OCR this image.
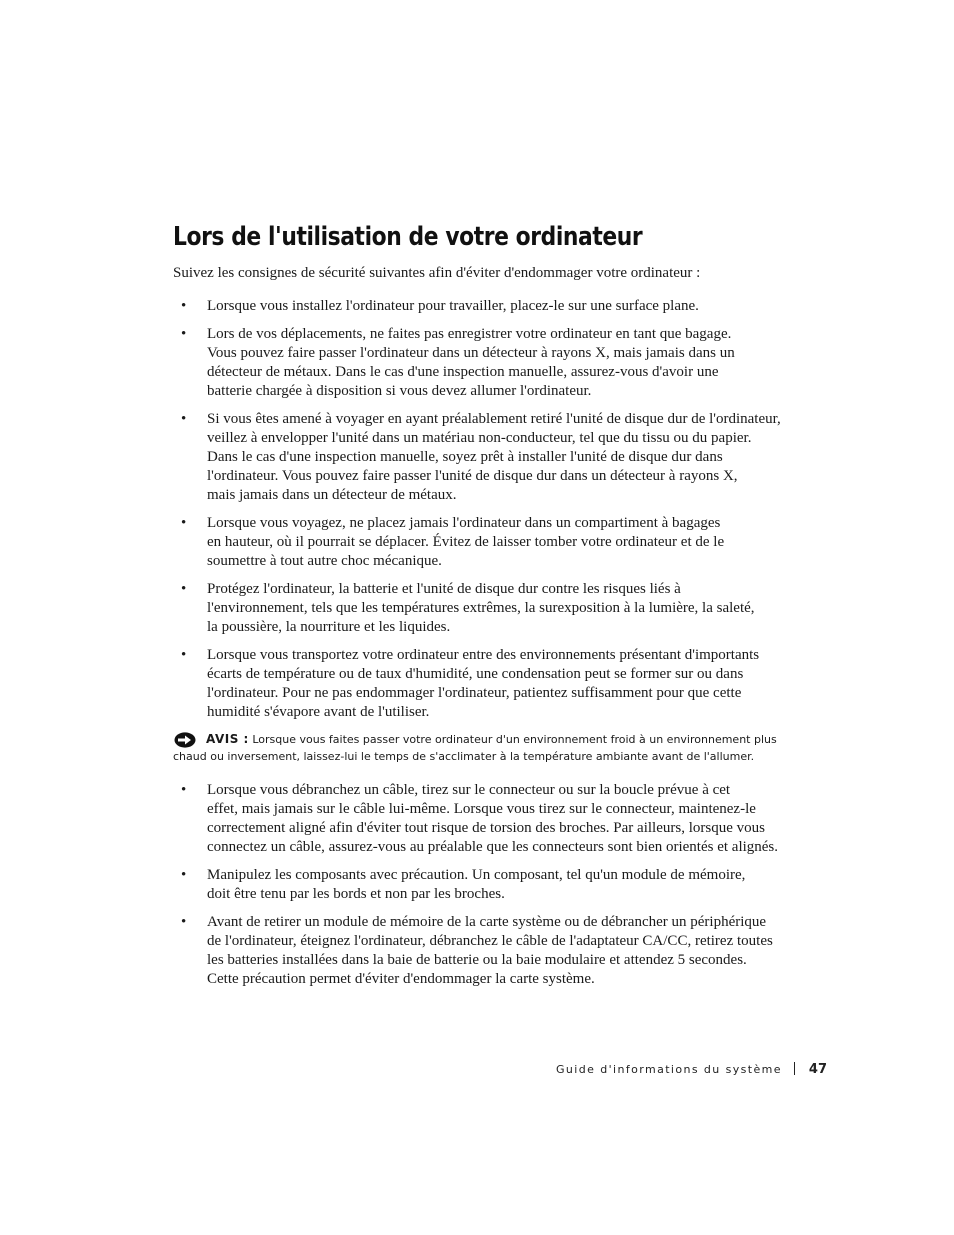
Lors de l'utilisation de votre ordinateur

Suivez les consignes de sécurité suivantes afin d'éviter d'endommager votre ordinateur :

• Lorsque vous installez l'ordinateur pour travailler, placez-le sur une surface plane.
• Lors de vos déplacements, ne faites pas enregistrer votre ordinateur en tant que bagage.
Vous pouvez faire passer l'ordinateur dans un détecteur à rayons X, mais jamais dans un
détecteur de métaux. Dans le cas d'une inspection manuelle, assurez-vous d'avoir une
batterie chargée à disposition si vous devez allumer l'ordinateur.
• Si vous êtes amené à voyager en ayant préalablement retiré l'unité de disque dur de l'ordinateur,
veillez à envelopper l'unité dans un matériau non-conducteur, tel que du tissu ou du papier.
Dans le cas d'une inspection manuelle, soyez prêt à installer l'unité de disque dur dans
l'ordinateur. Vous pouvez faire passer l'unité de disque dur dans un détecteur à rayons X,
mais jamais dans un détecteur de métaux.
• Lorsque vous voyagez, ne placez jamais l'ordinateur dans un compartiment à bagages
en hauteur, où il pourrait se déplacer. Évitez de laisser tomber votre ordinateur et de le
soumettre à tout autre choc mécanique.
• Protégez l'ordinateur, la batterie et l'unité de disque dur contre les risques liés à
l'environnement, tels que les températures extrêmes, la surexposition à la lumière, la saleté,
la poussière, la nourriture et les liquides.
• Lorsque vous transportez votre ordinateur entre des environnements présentant d'importants
écarts de température ou de taux d'humidité, une condensation peut se former sur ou dans
l'ordinateur. Pour ne pas endommager l'ordinateur, patientez suffisamment pour que cette
humidité s'évapore avant de l'utiliser.
AVIS : Lorsque vous faites passer votre ordinateur d'un environnement froid à un environnement plus
chaud ou inversement, laissez-lui le temps de s'acclimater à la température ambiante avant de l'allumer.
• Lorsque vous débranchez un câble, tirez sur le connecteur ou sur la boucle prévue à cet
effet, mais jamais sur le câble lui-même. Lorsque vous tirez sur le connecteur, maintenez-le
correctement aligné afin d'éviter tout risque de torsion des broches. Par ailleurs, lorsque vous
connectez un câble, assurez-vous au préalable que les connecteurs sont bien orientés et alignés.
• Manipulez les composants avec précaution. Un composant, tel qu'un module de mémoire,
doit être tenu par les bords et non par les broches.
• Avant de retirer un module de mémoire de la carte système ou de débrancher un périphérique
de l'ordinateur, éteignez l'ordinateur, débranchez le câble de l'adaptateur CA/CC, retirez toutes
les batteries installées dans la baie de batterie ou la baie modulaire et attendez 5 secondes.
Cette précaution permet d'éviter d'endommager la carte système.
Guide d'informations du système 47
